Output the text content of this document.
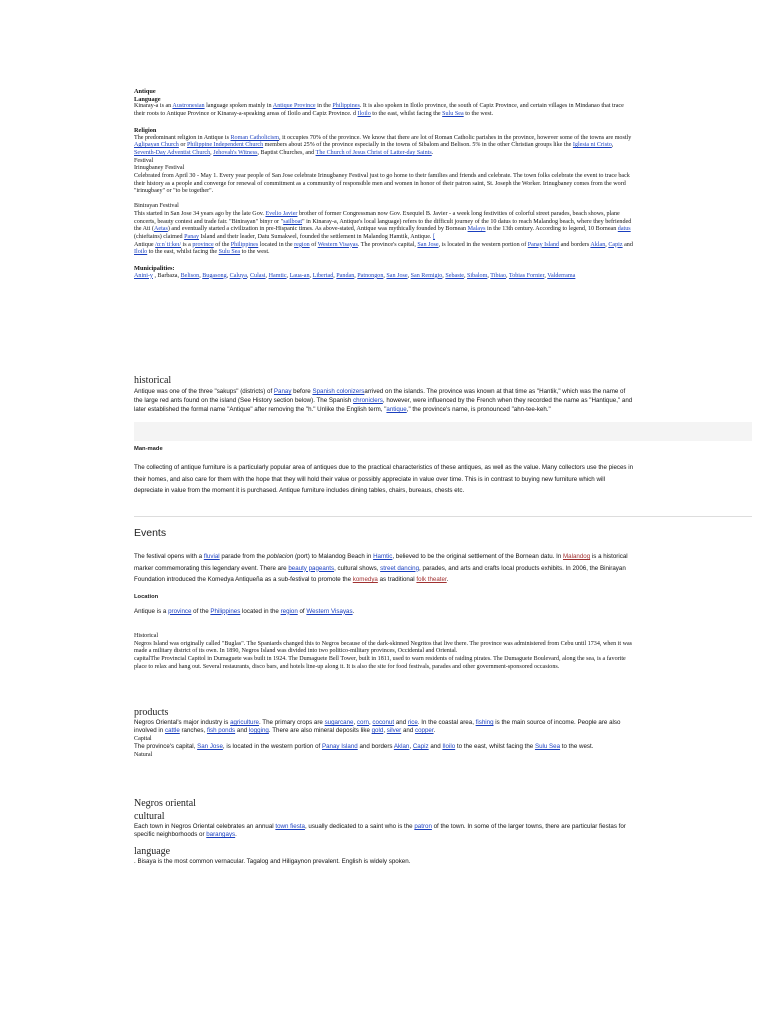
Antique
Language

Kinaray-a is an Austronesian language spoken mainly in Antique Province in the Philippines. It is also spoken in Iloilo province, the south of Capiz Province, and certain villages in Mindanao that trace their roots to Antique Province or Kinaray-a-speaking areas of Iloilo and Capiz Province. d Iloilo to the east, whilst facing the Sulu Sea to the west.

Religion

The predominant religion in Antique is Roman Catholicism, it occupies 70% of the province. We know that there are lot of Roman Catholic parishes in the province, however some of the towns are mostly Aglipayan Church or Philippine Independent Church members about 25% of the province especially in the towns of Sibalom and Belison. 5% in the other Christian groups like the Iglesia ni Cristo, Seventh-Day Adventist Church, Jehovah's Witness, Baptist Churches, and The Church of Jesus Christ of Latter-day Saints.

Festival
Irinugbaney Festival

Celebrated from April 30 - May 1. Every year people of San Jose celebrate Irinugbaney Festival just to go home to their families and friends and celebrate. The town folks celebrate the event to trace back their history as a people and converge for renewal of commitment as a community of responsible men and women in honor of their patron saint, St. Joseph the Worker. Irinugbaney comes from the word "irinugbaey" or "to be together".

Binirayan Festival

This started in San Jose 34 years ago by the late Gov. Evelio Javier brother of former Congressman now Gov. Exequiel B. Javier - a week long festivities of colorful street parades, beach shows, plane concerts, beauty contest and trade fair. "Binirayan" binyr or "sailboat" in Kinaray-a, Antique's local language) refers to the difficult journey of the 10 datus to reach Malandog beach, where they befriended the Ati (Aetas) and eventually started a civilization in pre-Hispanic times. As above-stated, Antique was mythically founded by Bornean Malays in the 13th century. According to legend, 10 Bornean datus (chieftains) claimed Panay Island and their leader, Datu Sumakwel, founded the settlement in Malandog Hamtik, Antique. [

Antique /ɑːnˈtiːkeɪ/ is a province of the Philippines located in the region of Western Visayas. The province's capital, San Jose, is located in the western portion of Panay Island and borders Aklan, Capiz and Iloilo to the east, whilst facing the Sulu Sea to the west.

Municipalities:

Anini-y , Barbaza, Belison, Bugasong, Caluya, Culasi, Hamtic, Laua-an, Libertad, Pandan, Patnongon, San Jose, San Remigio, Sebaste, Sibalom, Tibiao, Tobias Fornier, Valderrama

historical

Antique was one of the three "sakups" (districts) of Panay before Spanish colonizersarrived on the islands. The province was known at that time as "Hantik," which was the name of the large red ants found on the island (See History section below). The Spanish chroniclers, however, were influenced by the French when they recorded the name as "Hantique," and later established the formal name "Antique" after removing the "h." Unlike the English term, "antique," the province's name, is pronounced "ahn-tee-keh."

Man-made

The collecting of antique furniture is a particularly popular area of antiques due to the practical characteristics of these antiques, as well as the value. Many collectors use the pieces in their homes, and also care for them with the hope that they will hold their value or possibly appreciate in value over time. This is in contrast to buying new furniture which will depreciate in value from the moment it is purchased. Antique furniture includes dining tables, chairs, bureaus, chests etc.

Events

The festival opens with a fluvial parade from the poblacion (port) to Malandog Beach in Hamtic, believed to be the original settlement of the Bornean datu. In Malandog is a historical marker commemorating this legendary event. There are beauty pageants, cultural shows, street dancing, parades, and arts and crafts local products exhibits. In 2006, the Binirayan Foundation introduced the Komedya Antiqueña as a sub-festival to promote the komedya as traditional folk theater.

Location

Antique is a province of the Philippines located in the region of Western Visayas.

Historical

Negros Island was originally called "Buglas". The Spaniards changed this to Negros because of the dark-skinned Negritos that live there. The province was administered from Cebu until 1734, when it was made a military district of its own. In 1890, Negros Island was divided into two politico-military provinces, Occidental and Oriental.

capitalThe Provincial Capitol in Dumaguete was built in 1924. The Dumaguete Bell Tower, built in 1811, used to warn residents of raiding pirates. The Dumaguete Boulevard, along the sea, is a favorite place to relax and hang out. Several restaurants, disco bars, and hotels line-up along it. It is also the site for food festivals, parades and other government-sponsored occasions.

products

Negros Oriental's major industry is agriculture. The primary crops are sugarcane, corn, coconut and rice. In the coastal area, fishing is the main source of income. People are also involved in cattle ranches, fish ponds and logging. There are also mineral deposits like gold, silver and copper.

Capital

The province's capital, San Jose, is located in the western portion of Panay Island and borders Aklan, Capiz and Iloilo to the east, whilst facing the Sulu Sea to the west.

Natural
Negros oriental
cultural

Each town in Negros Oriental celebrates an annual town fiesta, usually dedicated to a saint who is the patron of the town. In some of the larger towns, there are particular fiestas for specific neighborhoods or barangays.

language

. Bisaya is the most common vernacular. Tagalog and Hiligaynon prevalent. English is widely spoken.
